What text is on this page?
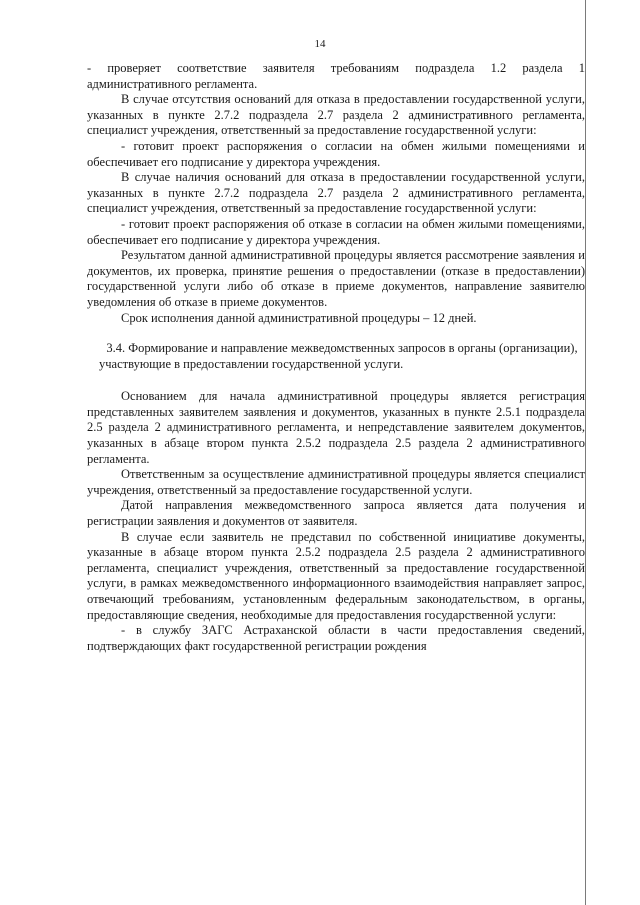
14

- проверяет соответствие заявителя требованиям подраздела 1.2 раздела 1 административного регламента.

В случае отсутствия оснований для отказа в предоставлении государственной услуги, указанных в пункте 2.7.2 подраздела 2.7 раздела 2 административного регламента, специалист учреждения, ответственный за предоставление государственной услуги:

- готовит проект распоряжения о согласии на обмен жилыми помещениями и обеспечивает его подписание у директора учреждения.

В случае наличия оснований для отказа в предоставлении государственной услуги, указанных в пункте 2.7.2 подраздела 2.7 раздела 2 административного регламента, специалист учреждения, ответственный за предоставление государственной услуги:

- готовит проект распоряжения об отказе в согласии на обмен жилыми помещениями, обеспечивает его подписание у директора учреждения.

Результатом данной административной процедуры является рассмотрение заявления и документов, их проверка, принятие решения о предоставлении (отказе в предоставлении) государственной услуги либо об отказе в приеме документов, направление заявителю уведомления об отказе в приеме документов.

Срок исполнения данной административной процедуры – 12 дней.

3.4. Формирование и направление межведомственных запросов в органы (организации), участвующие в предоставлении государственной услуги.

Основанием для начала административной процедуры является регистрация представленных заявителем заявления и документов, указанных в пункте 2.5.1 подраздела 2.5 раздела 2 административного регламента, и непредставление заявителем документов, указанных в абзаце втором пункта 2.5.2 подраздела 2.5 раздела 2 административного регламента.

Ответственным за осуществление административной процедуры является специалист учреждения, ответственный за предоставление государственной услуги.

Датой направления межведомственного запроса является дата получения и регистрации заявления и документов от заявителя.

В случае если заявитель не представил по собственной инициативе документы, указанные в абзаце втором пункта 2.5.2 подраздела 2.5 раздела 2 административного регламента, специалист учреждения, ответственный за предоставление государственной услуги, в рамках межведомственного информационного взаимодействия направляет запрос, отвечающий требованиям, установленным федеральным законодательством, в органы, предоставляющие сведения, необходимые для предоставления государственной услуги:

- в службу ЗАГС Астраханской области в части предоставления сведений, подтверждающих факт государственной регистрации рождения
